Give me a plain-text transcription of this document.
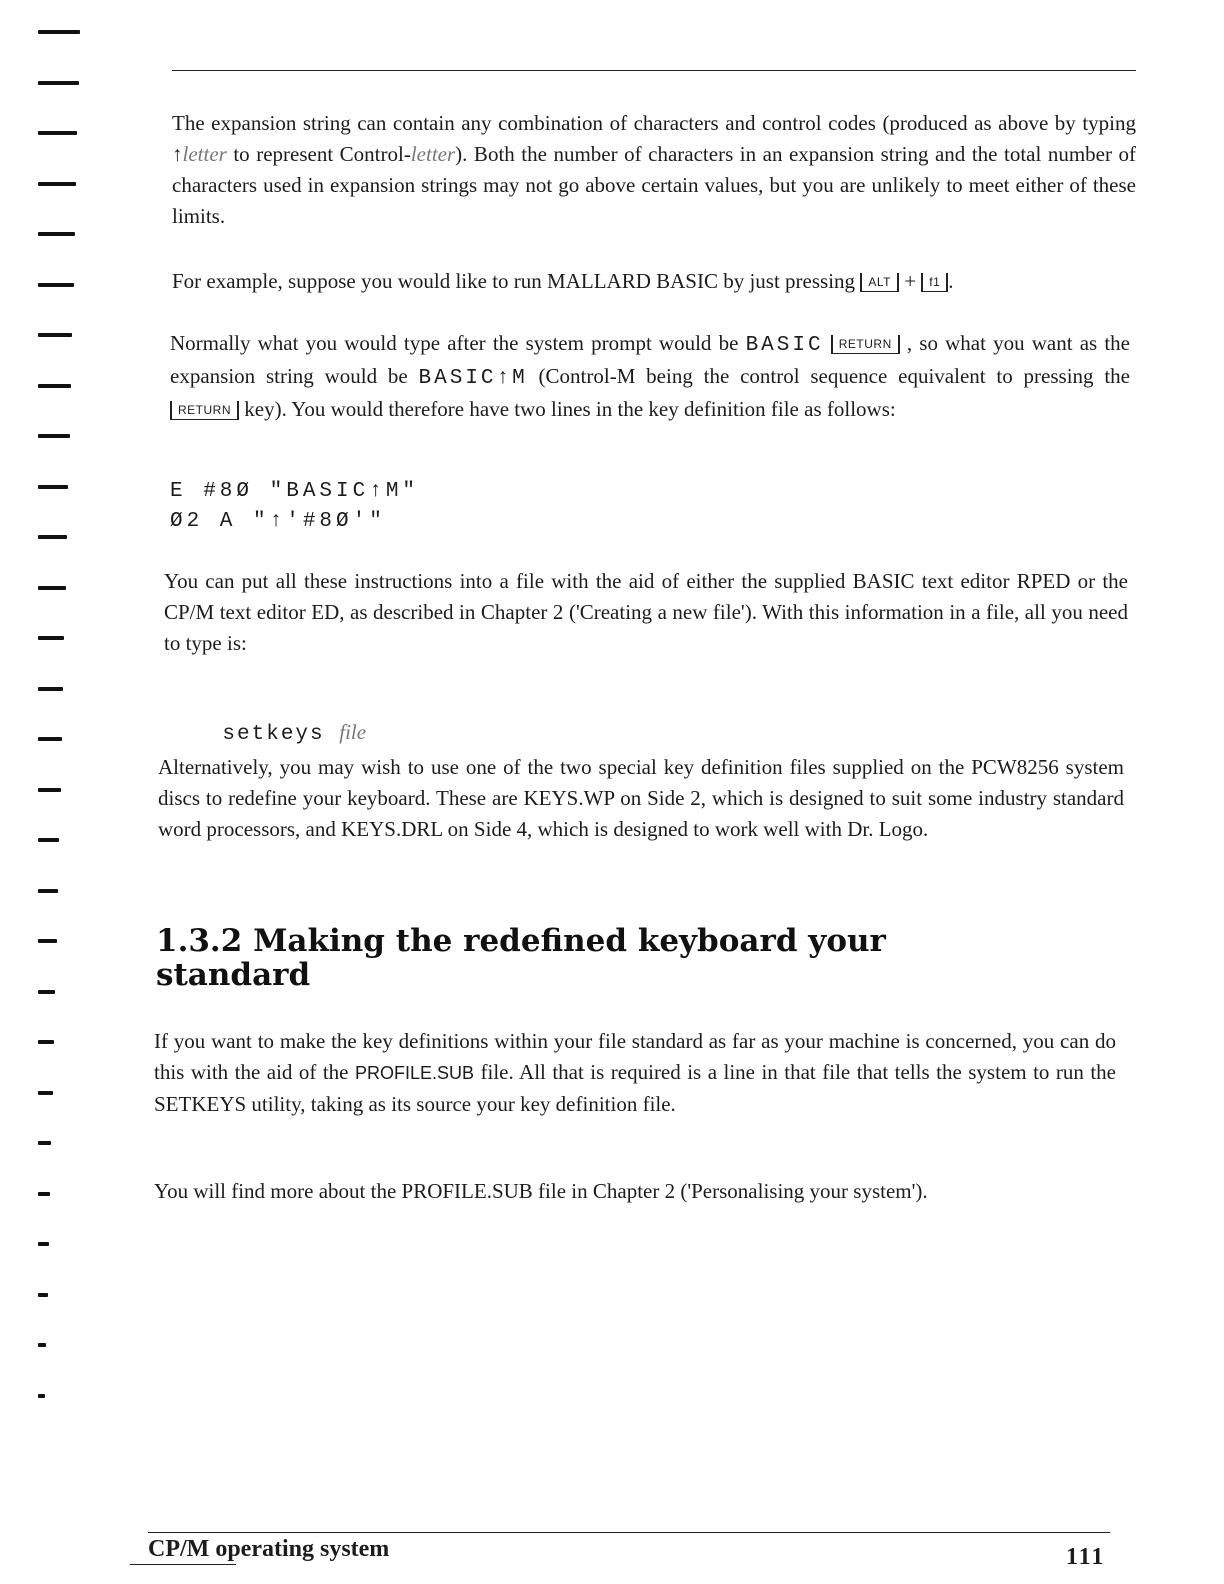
The expansion string can contain any combination of characters and control codes (produced as above by typing ↑letter to represent Control-letter). Both the number of characters in an expansion string and the total number of characters used in expansion strings may not go above certain values, but you are unlikely to meet either of these limits.

For example, suppose you would like to run MALLARD BASIC by just pressing ALT + f1 .

Normally what you would type after the system prompt would be BASIC RETURN , so what you want as the expansion string would be BASIC↑M (Control-M being the control sequence equivalent to pressing the RETURN key). You would therefore have two lines in the key definition file as follows:

E #8Ø "BASIC↑M"
Ø2 A "↑'#8Ø'"

You can put all these instructions into a file with the aid of either the supplied BASIC text editor RPED or the CP/M text editor ED, as described in Chapter 2 ('Creating a new file'). With this information in a file, all you need to type is:

setkeys file

Alternatively, you may wish to use one of the two special key definition files supplied on the PCW8256 system discs to redefine your keyboard. These are KEYS.WP on Side 2, which is designed to suit some industry standard word processors, and KEYS.DRL on Side 4, which is designed to work well with Dr. Logo.

1.3.2 Making the redefined keyboard your standard

If you want to make the key definitions within your file standard as far as your machine is concerned, you can do this with the aid of the PROFILE.SUB file. All that is required is a line in that file that tells the system to run the SETKEYS utility, taking as its source your key definition file.

You will find more about the PROFILE.SUB file in Chapter 2 ('Personalising your system').

CP/M operating system	111
